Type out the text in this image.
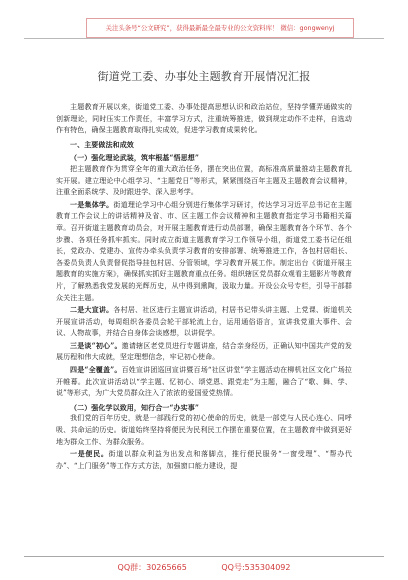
关注头条号“公文研究”，获得最新最全最专业的公文资料库！ 微信：gongwenyj
街道党工委、办事处主题教育开展情况汇报
主题教育开展以来，街道党工委、办事处提高思想认识和政治站位，坚持学懂弄通做实的创新理论，同时压实工作责任，丰富学习方式，注重统筹推进，做到规定动作不走样，自选动作有特色，确保主题教育取得扎实成效，促进学习教育成果转化。
一、主要做法和成效
（一）强化理论武装，筑牢根基“悟思想”
把主题教育作为贯穿全年的重大政治任务，摆在突出位置，高标准高质量推动主题教育扎实开展。建立理论中心组学习、“主题党日”等形式，紧紧围绕百年主题及主题教育会议精神，注重全面系统学、及时跟进学、深入思考学。
一是集体学。街道理论学习中心组分别进行集体学习研讨，传达学习习近平总书记在主题教育工作会议上的讲话精神及省、市、区主题工作会议精神和主题教育指定学习书籍相关篇章。召开街道主题教育动员会，对开展主题教育进行动员部署，确保主题教育各个环节、各个步骤、各项任务抓牢抓实。同时成立街道主题教育学习工作领导小组，街道党工委书记任组长，党政办、党建办、宣传办牵头负责学习教育的安排部署、统筹推进工作，各包村居组长、各委员负责人负责督促指导挂包村居、分管领域，学习教育开展工作。制定出台《街道开展主题教育的实施方案》，确保抓实抓好主题教育重点任务。组织辖区党员群众观看主题影片等教育片，了解熟悉我党发展的光辉历史，从中得到熏陶，汲取力量。开设公众号专栏，引导干部群众关注主题。
二是大宣讲。各村居、社区进行主题宣讲活动，村居书记带头讲主题、上党课、街道机关开展宣讲活动，每周组织各委员会轮干部轮流上台，运用通俗语言，宣讲我党重大事件、会议、人物故事，并结合自身体会谈感想，以讲促学。
三是谈“初心”。邀请辖区老党员进行专题讲座，结合亲身经历，正确认知中国共产党的发展历程和伟大成就，坚定理想信念，牢记初心使命。
四是“全覆盖”。百姓宣讲团巡回宣讲暨百场“社区讲堂”学主题活动在柳机社区文化广场拉开帷幕。此次宣讲活动以“学主题、忆初心、颂党恩、跟党走”为主题，融合了“歌、舞、学、说”等形式，为广大党员群众注入了浓浓的爱国爱党热情。
（二）强化学以致用，知行合一“办实事”
我们党的百年历史，就是一部践行党的初心使命的历史，就是一部党与人民心连心、同呼吸、共命运的历史。街道始终坚持将便民为民利民工作摆在重要位置，在主题教育中做到更好地为群众工作、为群众服务。
一是便民。街道以群众利益为出发点和落脚点，推行便民服务“一窗受理”、“帮办代办”、“上门服务”等工作方式方法，加强窗口能力建设，提
QQ群：30265665	QQ号:535304092
